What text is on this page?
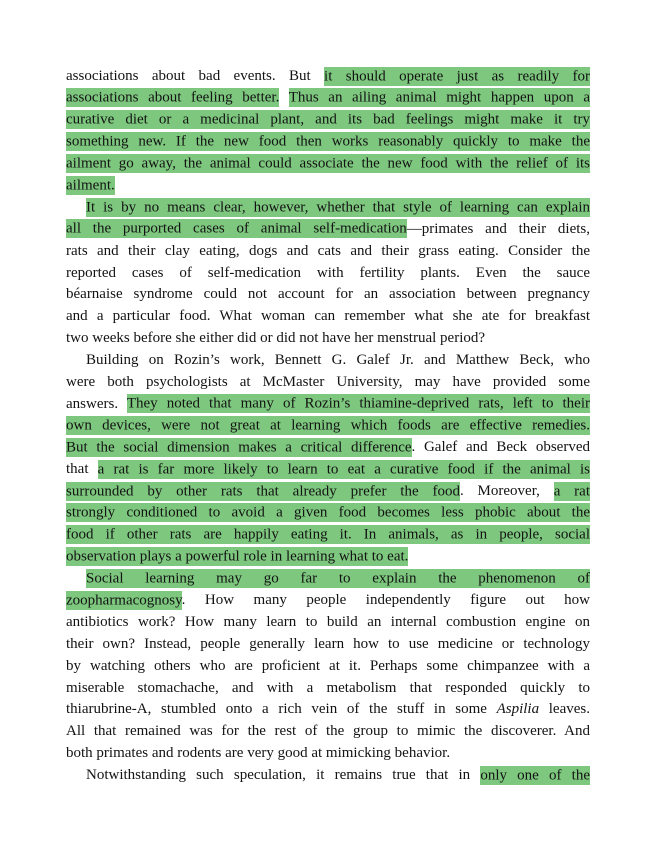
associations about bad events. But it should operate just as readily for
associations about feeling better. Thus an ailing animal might happen upon a
curative diet or a medicinal plant, and its bad feelings might make it try
something new. If the new food then works reasonably quickly to make the
ailment go away, the animal could associate the new food with the relief of its
ailment.
It is by no means clear, however, whether that style of learning can explain
all the purported cases of animal self-medication—primates and their diets,
rats and their clay eating, dogs and cats and their grass eating. Consider the
reported cases of self-medication with fertility plants. Even the sauce
béarnaise syndrome could not account for an association between pregnancy
and a particular food. What woman can remember what she ate for breakfast
two weeks before she either did or did not have her menstrual period?
Building on Rozin’s work, Bennett G. Galef Jr. and Matthew Beck, who
were both psychologists at McMaster University, may have provided some
answers. They noted that many of Rozin’s thiamine-deprived rats, left to their
own devices, were not great at learning which foods are effective remedies.
But the social dimension makes a critical difference. Galef and Beck observed
that a rat is far more likely to learn to eat a curative food if the animal is
surrounded by other rats that already prefer the food. Moreover, a rat
strongly conditioned to avoid a given food becomes less phobic about the
food if other rats are happily eating it. In animals, as in people, social
observation plays a powerful role in learning what to eat.
Social learning may go far to explain the phenomenon of
zoopharmacognosy. How many people independently figure out how
antibiotics work? How many learn to build an internal combustion engine on
their own? Instead, people generally learn how to use medicine or technology
by watching others who are proficient at it. Perhaps some chimpanzee with a
miserable stomachache, and with a metabolism that responded quickly to
thiarubrine-A, stumbled onto a rich vein of the stuff in some Aspilia leaves.
All that remained was for the rest of the group to mimic the discoverer. And
both primates and rodents are very good at mimicking behavior.
Notwithstanding such speculation, it remains true that in only one of the
